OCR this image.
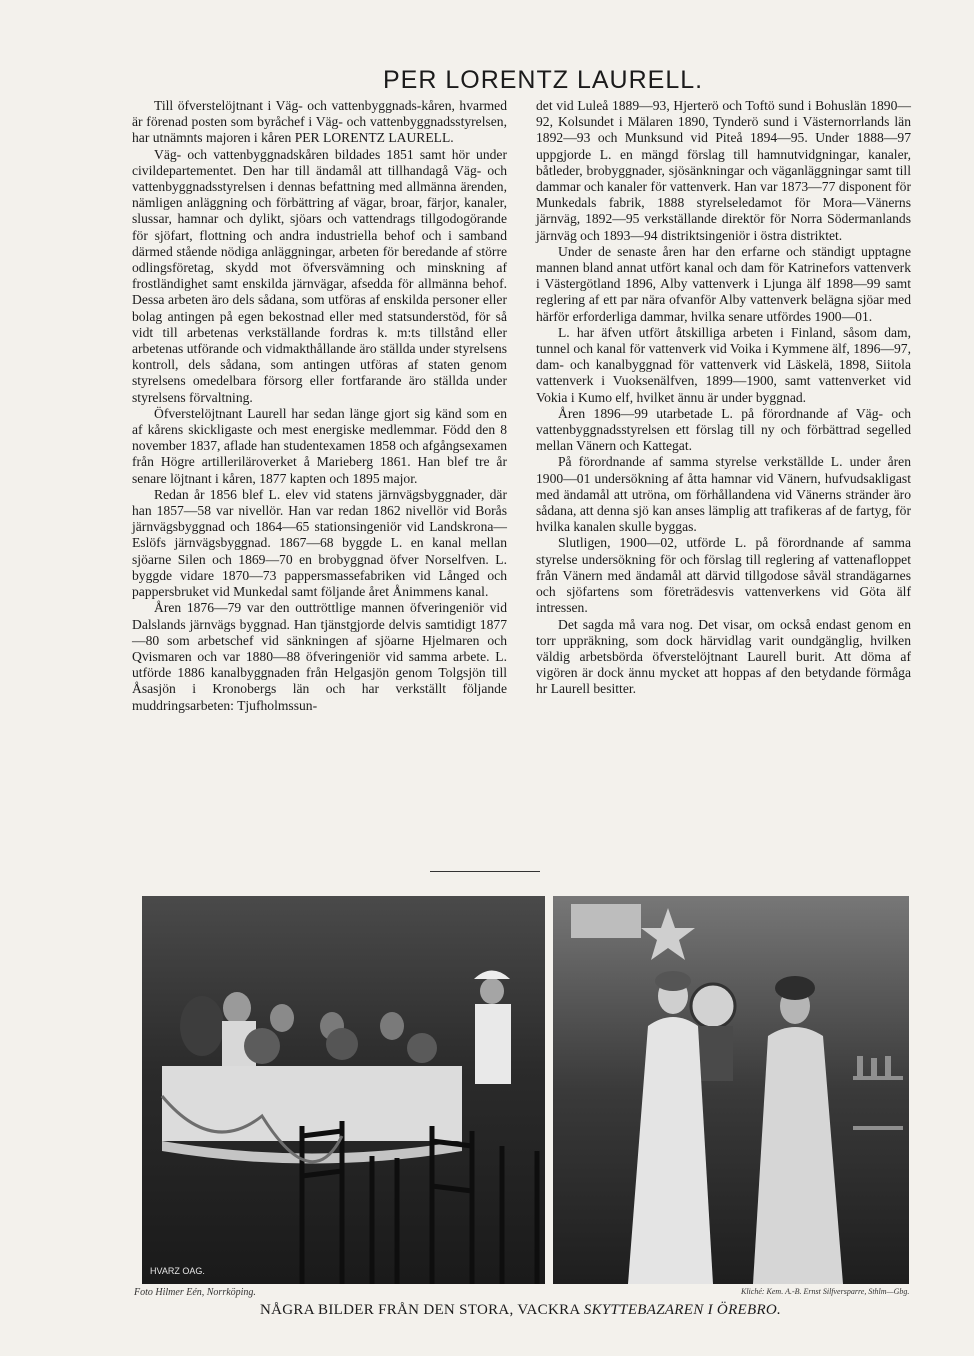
PER LORENTZ LAURELL.

Till öfverstelöjtnant i Väg- och vattenbyggnads-kåren, hvarmed är förenad posten som byråchef i Väg- och vattenbyggnadsstyrelsen, har utnämnts majoren i kåren PER LORENTZ LAURELL.

Väg- och vattenbyggnadskåren bildades 1851 samt hör under civildepartementet. Den har till ändamål att tillhandagå Väg- och vattenbyggnadsstyrelsen i dennas befattning med allmänna ärenden, nämligen anläggning och förbättring af vägar, broar, färjor, kanaler, slussar, hamnar och dylikt, sjöars och vattendrags tillgodogörande för sjöfart, flottning och andra industriella behof och i samband därmed stående nödiga anläggningar, arbeten för beredande af större odlingsföretag, skydd mot öfversvämning och minskning af frostländighet samt enskilda järnvägar, afsedda för allmänna behof. Dessa arbeten äro dels sådana, som utföras af enskilda personer eller bolag antingen på egen bekostnad eller med statsunderstöd, för så vidt till arbetenas verkställande fordras k. m:ts tillstånd eller arbetenas utförande och vidmakthållande äro ställda under styrelsens kontroll, dels sådana, som antingen utföras af staten genom styrelsens omedelbara försorg eller fortfarande äro ställda under styrelsens förvaltning.

Öfverstelöjtnant Laurell har sedan länge gjort sig känd som en af kårens skickligaste och mest energiske medlemmar. Född den 8 november 1837, aflade han studentexamen 1858 och afgångsexamen från Högre artilleriläroverket å Marieberg 1861. Han blef tre år senare löjtnant i kåren, 1877 kapten och 1895 major.

Redan år 1856 blef L. elev vid statens järnvägsbyggnader, där han 1857—58 var nivellör. Han var redan 1862 nivellör vid Borås järnvägsbyggnad och 1864—65 stationsingeniör vid Landskrona—Eslöfs järnvägsbyggnad. 1867—68 byggde L. en kanal mellan sjöarne Silen och 1869—70 en brobyggnad öfver Norselfven. L. byggde vidare 1870—73 pappersmassefabriken vid Långed och pappersbruket vid Munkedal samt följande året Ånimmens kanal.

Åren 1876—79 var den outtröttlige mannen öfveringeniör vid Dalslands järnvägs byggnad. Han tjänstgjorde delvis samtidigt 1877—80 som arbetschef vid sänkningen af sjöarne Hjelmaren och Qvismaren och var 1880—88 öfveringeniör vid samma arbete. L. utförde 1886 kanalbyggnaden från Helgasjön genom Tolgsjön till Åsasjön i Kronobergs län och har verkställt följande muddringsarbeten: Tjufholmssun-

det vid Luleå 1889—93, Hjerterö och Toftö sund i Bohuslän 1890—92, Kolsundet i Mälaren 1890, Tynderö sund i Västernorrlands län 1892—93 och Munksund vid Piteå 1894—95. Under 1888—97 uppgjorde L. en mängd förslag till hamnutvidgningar, kanaler, båtleder, brobyggnader, sjösänkningar och väganläggningar samt till dammar och kanaler för vattenverk. Han var 1873—77 disponent för Munkedals fabrik, 1888 styrelseledamot för Mora—Vänerns järnväg, 1892—95 verkställande direktör för Norra Södermanlands järnväg och 1893—94 distriktsingeniör i östra distriktet.

Under de senaste åren har den erfarne och ständigt upptagne mannen bland annat utfört kanal och dam för Katrinefors vattenverk i Västergötland 1896, Alby vattenverk i Ljunga älf 1898—99 samt reglering af ett par nära ofvanför Alby vattenverk belägna sjöar med härför erforderliga dammar, hvilka senare utfördes 1900—01.

L. har äfven utfört åtskilliga arbeten i Finland, såsom dam, tunnel och kanal för vattenverk vid Voika i Kymmene älf, 1896—97, dam- och kanalbyggnad för vattenverk vid Läskelä, 1898, Siitola vattenverk i Vuoksenälfven, 1899—1900, samt vattenverket vid Vokia i Kumo elf, hvilket ännu är under byggnad.

Åren 1896—99 utarbetade L. på förordnande af Väg- och vattenbyggnadsstyrelsen ett förslag till ny och förbättrad segelled mellan Vänern och Kattegat.

På förordnande af samma styrelse verkställde L. under åren 1900—01 undersökning af åtta hamnar vid Vänern, hufvudsakligast med ändamål att utröna, om förhållandena vid Vänerns stränder äro sådana, att denna sjö kan anses lämplig att trafikeras af de fartyg, för hvilka kanalen skulle byggas.

Slutligen, 1900—02, utförde L. på förordnande af samma styrelse undersökning för och förslag till reglering af vattenafloppet från Vänern med ändamål att därvid tillgodose såväl strandägarnes och sjöfartens som företrädesvis vattenverkens vid Göta älf intressen.

Det sagda må vara nog. Det visar, om också endast genom en torr uppräkning, som dock härvidlag varit oundgänglig, hvilken väldig arbetsbörda öfverstelöjtnant Laurell burit. Att döma af vigören är dock ännu mycket att hoppas af den betydande förmåga hr Laurell besitter.

HVARZ OAG.
Foto Hilmer Eén, Norrköping.	Kliché: Kem. A.-B. Ernst Silfversparre, Sthlm—Gbg.
NÅGRA BILDER FRÅN DEN STORA, VACKRA SKYTTEBAZAREN I ÖREBRO.
